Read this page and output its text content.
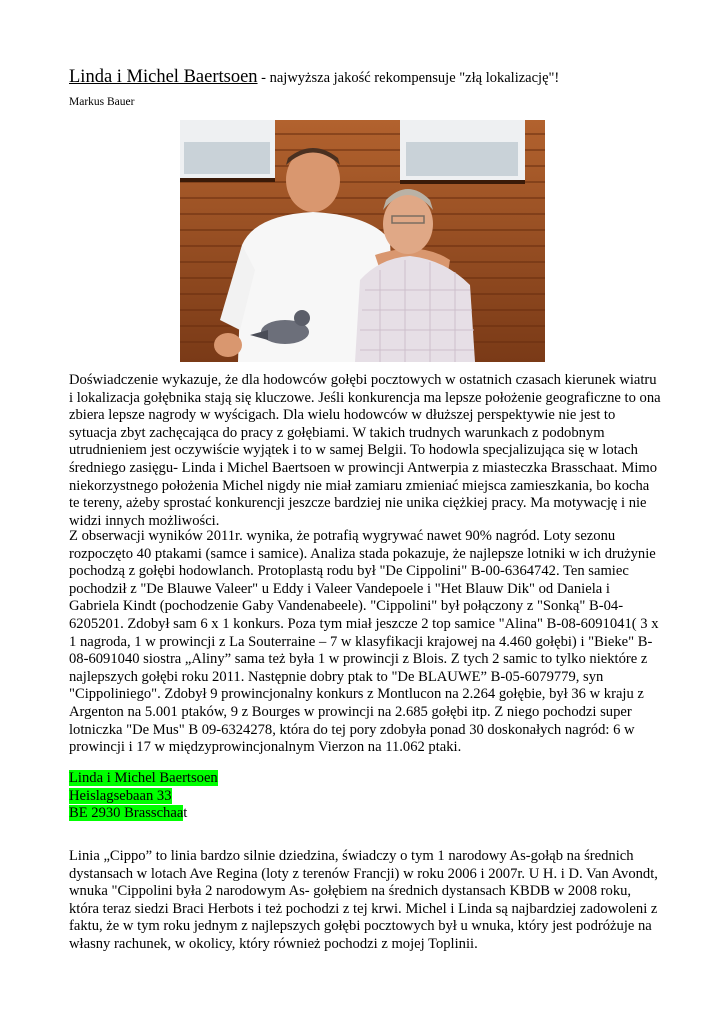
Linda i Michel Baertsoen - najwyższa jakość rekompensuje "złą lokalizację"!
Markus Bauer
Doświadczenie wykazuje, że dla hodowców gołębi pocztowych w ostatnich czasach kierunek wiatru i lokalizacja gołębnika stają się kluczowe. Jeśli konkurencja ma lepsze położenie geograficzne to ona zbiera lepsze nagrody w wyścigach. Dla wielu hodowców w dłuższej perspektywie nie jest to sytuacja zbyt zachęcająca do pracy z gołębiami. W takich trudnych warunkach z podobnym utrudnieniem jest oczywiście wyjątek i to w samej Belgii. To hodowla specjalizująca się w lotach średniego zasięgu- Linda i Michel Baertsoen w prowincji Antwerpia z miasteczka Brasschaat. Mimo niekorzystnego położenia Michel nigdy nie miał zamiaru zmieniać miejsca zamieszkania, bo kocha te tereny, ażeby sprostać konkurencji jeszcze bardziej nie unika ciężkiej pracy. Ma motywację i nie widzi innych możliwości.
Z obserwacji wyników 2011r. wynika, że potrafią wygrywać nawet 90% nagród. Loty sezonu rozpoczęto 40 ptakami (samce i samice). Analiza stada pokazuje, że najlepsze lotniki w ich drużynie pochodzą z gołębi hodowlanch. Protoplastą rodu był "De Cippolini" B-00-6364742. Ten samiec pochodził z "De Blauwe Valeer" u Eddy i Valeer Vandepoele i "Het Blauw Dik" od Daniela i Gabriela Kindt (pochodzenie Gaby Vandenabeele). "Cippolini" był połączony z "Sonką" B-04-6205201. Zdobył sam 6 x 1 konkurs. Poza tym miał jeszcze 2 top samice "Alina" B-08-6091041( 3 x 1 nagroda, 1 w prowincji z La Souterraine – 7 w klasyfikacji krajowej na 4.460 gołębi) i "Bieke" B-08-6091040 siostra „Aliny” sama też była 1 w prowincji z Blois. Z tych 2 samic to tylko niektóre z najlepszych gołębi roku 2011. Następnie dobry ptak to "De BLAUWE” B-05-6079779, syn "Cippoliniego". Zdobył 9 prowincjonalny konkurs z Montlucon na 2.264 gołębie, był 36 w kraju z Argenton na 5.001 ptaków, 9 z Bourges w prowincji na 2.685 gołębi itp. Z niego pochodzi super lotniczka "De Mus" B 09-6324278, która do tej pory zdobyła ponad 30 doskonałych nagród: 6 w prowincji i 17 w międzyprowincjonalnym Vierzon na 11.062 ptaki.
Linda i Michel Baertsoen
Heislagsebaan 33
BE 2930 Brasschaat
Linia „Cippo” to linia bardzo silnie dziedzina, świadczy o tym 1 narodowy As-gołąb na średnich dystansach w lotach Ave Regina (loty z terenów Francji) w roku 2006 i 2007r. U H. i D. Van Avondt, wnuka "Cippolini była 2 narodowym As- gołębiem na średnich dystansach KBDB w 2008 roku, która teraz siedzi Braci Herbots i też pochodzi z tej krwi. Michel i Linda są najbardziej zadowoleni z faktu, że w tym roku jednym z najlepszych gołębi pocztowych był u wnuka, który jest podróżuje na własny rachunek, w okolicy, który również pochodzi z mojej Toplinii.
